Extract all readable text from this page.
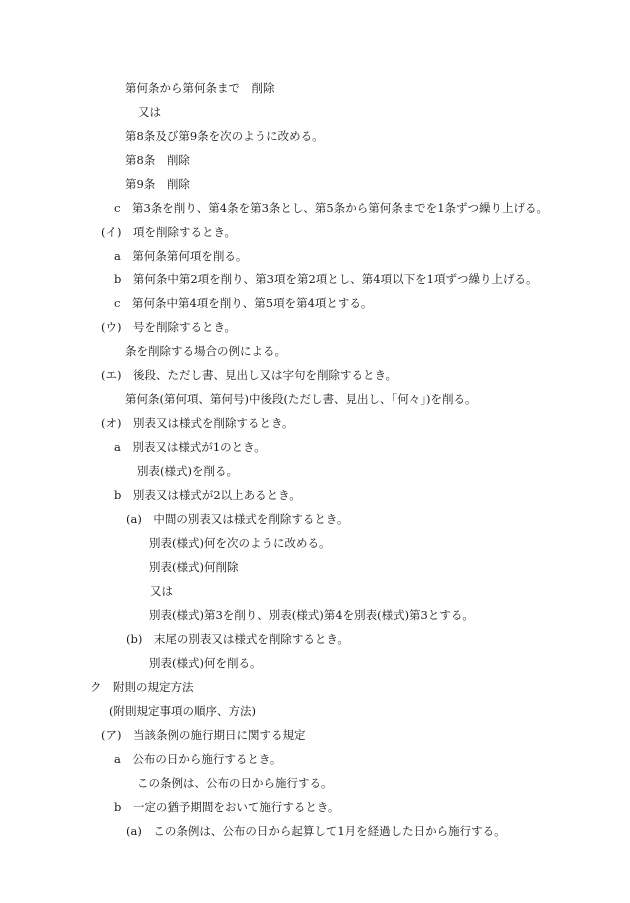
第何条から第何条まで　削除

又は

第8条及び第9条を次のように改める。

第8条　削除

第9条　削除

c　第3条を削り、第4条を第3条とし、第5条から第何条までを1条ずつ繰り上げる。

(イ)　項を削除するとき。

a　第何条第何項を削る。

b　第何条中第2項を削り、第3項を第2項とし、第4項以下を1項ずつ繰り上げる。

c　第何条中第4項を削り、第5項を第4項とする。

(ウ)　号を削除するとき。

条を削除する場合の例による。

(エ)　後段、ただし書、見出し又は字句を削除するとき。

第何条(第何項、第何号)中後段(ただし書、見出し、「何々」)を削る。

(オ)　別表又は様式を削除するとき。

a　別表又は様式が1のとき。

別表(様式)を削る。

b　別表又は様式が2以上あるとき。

(a)　中間の別表又は様式を削除するとき。

別表(様式)何を次のように改める。

別表(様式)何削除

又は

別表(様式)第3を削り、別表(様式)第4を別表(様式)第3とする。

(b)　末尾の別表又は様式を削除するとき。

別表(様式)何を削る。

ク　附則の規定方法

(附則規定事項の順序、方法)

(ア)　当該条例の施行期日に関する規定

a　公布の日から施行するとき。

この条例は、公布の日から施行する。

b　一定の猶予期間をおいて施行するとき。

(a)　この条例は、公布の日から起算して1月を経過した日から施行する。
